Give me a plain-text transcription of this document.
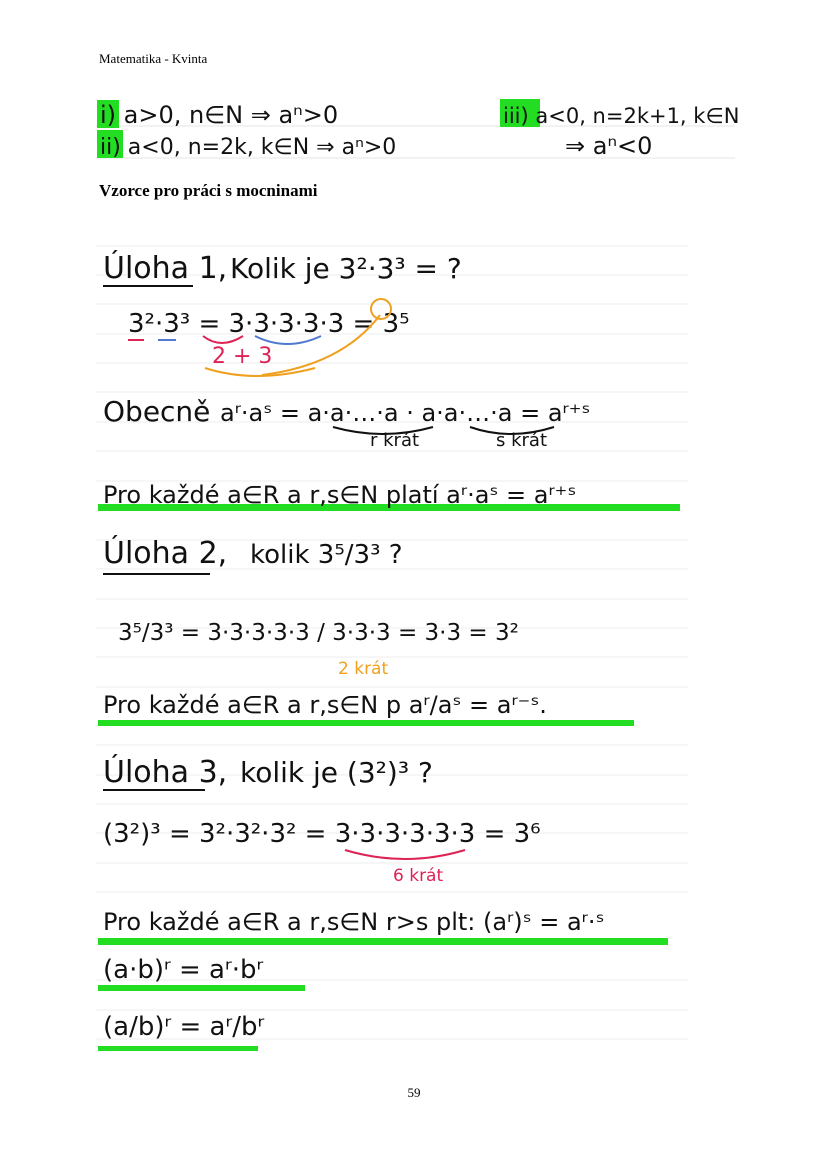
Matematika - Kvinta
i) a>0, n∈N ⇒ aⁿ>0
ii) a<0, n=2k, k∈N ⇒ aⁿ>0
iii) a<0, n=2k+1, k∈N
⇒ aⁿ<0
Vzorce pro práci s mocninami
Úloha 1, Kolik je 3²·3³ = ?
3²·3³ = 3·3·3·3·3 = 3⁵
2 + 3
Obecně aʳ·aˢ = a·a·…·a · a·a·…·a = aʳ⁺ˢ
r krát	s krát
Pro každé a∈R a r,s∈N platí aʳ·aˢ = aʳ⁺ˢ
Úloha 2, kolik 3⁵/3³ ?
3⁵/3³ = 3·3·3·3·3 / 3·3·3 = 3·3 = 3²
2 krát
Pro každé a∈R a r,s∈N p aʳ/aˢ = aʳ⁻ˢ.
Úloha 3, kolik je (3²)³ ?
(3²)³ = 3²·3²·3² = 3·3·3·3·3·3 = 3⁶
6 krát
Pro každé a∈R a r,s∈N r>s plt: (aʳ)ˢ = aʳ·ˢ
(a·b)ʳ = aʳ·bʳ
(a/b)ʳ = aʳ/bʳ
59
